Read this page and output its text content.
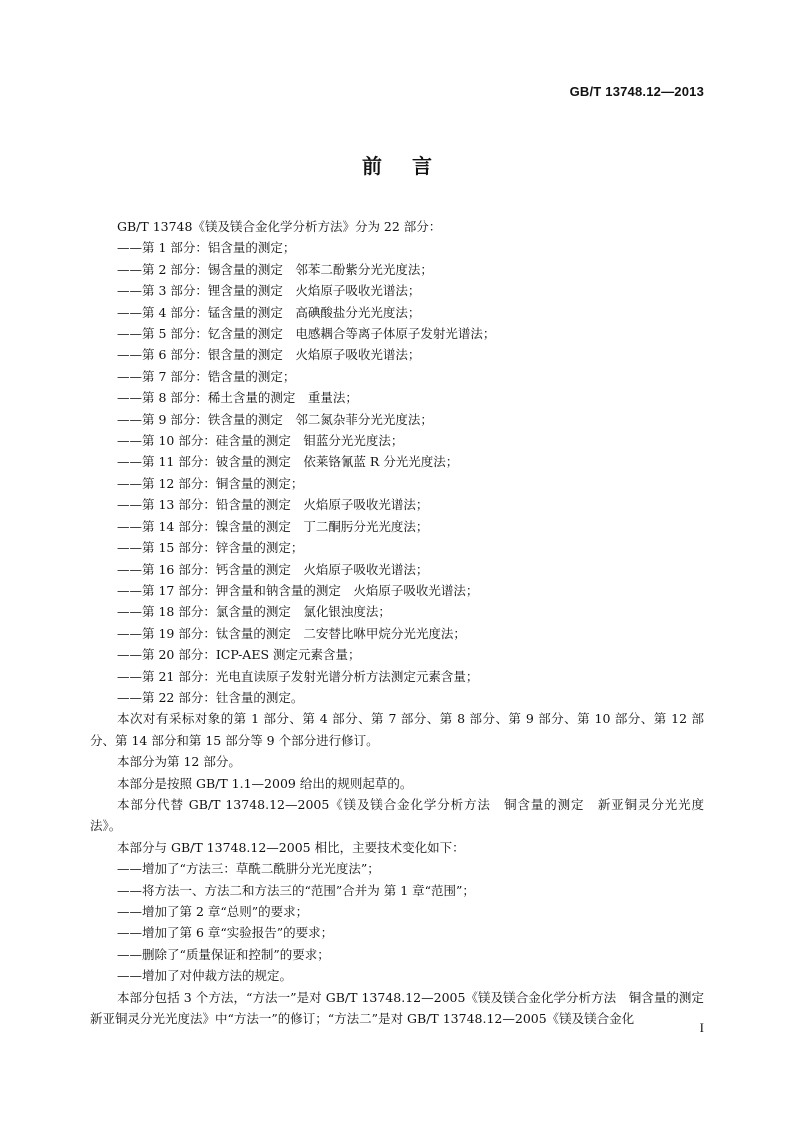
GB/T 13748.12—2013
前言

GB/T 13748《镁及镁合金化学分析方法》分为 22 部分：

——第 1 部分：铝含量的测定；

——第 2 部分：锡含量的测定　邻苯二酚紫分光光度法；

——第 3 部分：锂含量的测定　火焰原子吸收光谱法；

——第 4 部分：锰含量的测定　高碘酸盐分光光度法；

——第 5 部分：钇含量的测定　电感耦合等离子体原子发射光谱法；

——第 6 部分：银含量的测定　火焰原子吸收光谱法；

——第 7 部分：锆含量的测定；

——第 8 部分：稀土含量的测定　重量法；

——第 9 部分：铁含量的测定　邻二氮杂菲分光光度法；

——第 10 部分：硅含量的测定　钼蓝分光光度法；

——第 11 部分：铍含量的测定　依莱铬氰蓝 R 分光光度法；

——第 12 部分：铜含量的测定；

——第 13 部分：铅含量的测定　火焰原子吸收光谱法；

——第 14 部分：镍含量的测定　丁二酮肟分光光度法；

——第 15 部分：锌含量的测定；

——第 16 部分：钙含量的测定　火焰原子吸收光谱法；

——第 17 部分：钾含量和钠含量的测定　火焰原子吸收光谱法；

——第 18 部分：氯含量的测定　氯化银浊度法；

——第 19 部分：钛含量的测定　二安替比咻甲烷分光光度法；

——第 20 部分：ICP-AES 测定元素含量；

——第 21 部分：光电直读原子发射光谱分析方法测定元素含量；

——第 22 部分：钍含量的测定。

本次对有采标对象的第 1 部分、第 4 部分、第 7 部分、第 8 部分、第 9 部分、第 10 部分、第 12 部分、第 14 部分和第 15 部分等 9 个部分进行修订。

本部分为第 12 部分。

本部分是按照 GB/T 1.1—2009 给出的规则起草的。

本部分代替 GB/T 13748.12—2005《镁及镁合金化学分析方法　铜含量的测定　新亚铜灵分光光度法》。

本部分与 GB/T 13748.12—2005 相比，主要技术变化如下：

——增加了“方法三：草酰二酰肼分光光度法”；

——将方法一、方法二和方法三的“范围”合并为 第 1 章“范围”；

——增加了第 2 章“总则”的要求；

——增加了第 6 章“实验报告”的要求；

——删除了“质量保证和控制”的要求；

——增加了对仲裁方法的规定。

本部分包括 3 个方法，“方法一”是对 GB/T 13748.12—2005《镁及镁合金化学分析方法　铜含量的测定　新亚铜灵分光光度法》中“方法一”的修订；“方法二”是对 GB/T 13748.12—2005《镁及镁合金化

I
